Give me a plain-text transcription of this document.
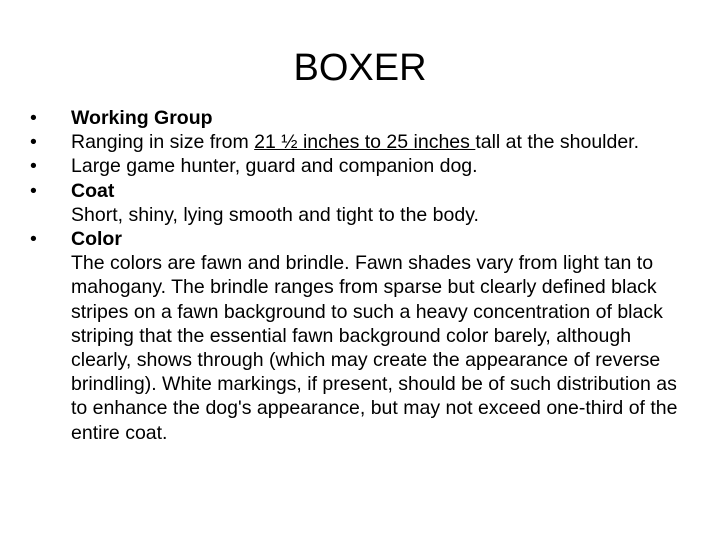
BOXER
•	Working Group
•	Ranging in size from 21 ½ inches to 25 inches tall at the shoulder.
•	Large game hunter, guard and companion dog.
•	Coat
Short, shiny, lying smooth and tight to the body.
•	Color
The colors are fawn and brindle. Fawn shades vary from light tan to mahogany. The brindle ranges from sparse but clearly defined black stripes on a fawn background to such a heavy concentration of black striping that the essential fawn background color barely, although clearly, shows through (which may create the appearance of reverse brindling). White markings, if present, should be of such distribution as to enhance the dog's appearance, but may not exceed one-third of the entire coat.
